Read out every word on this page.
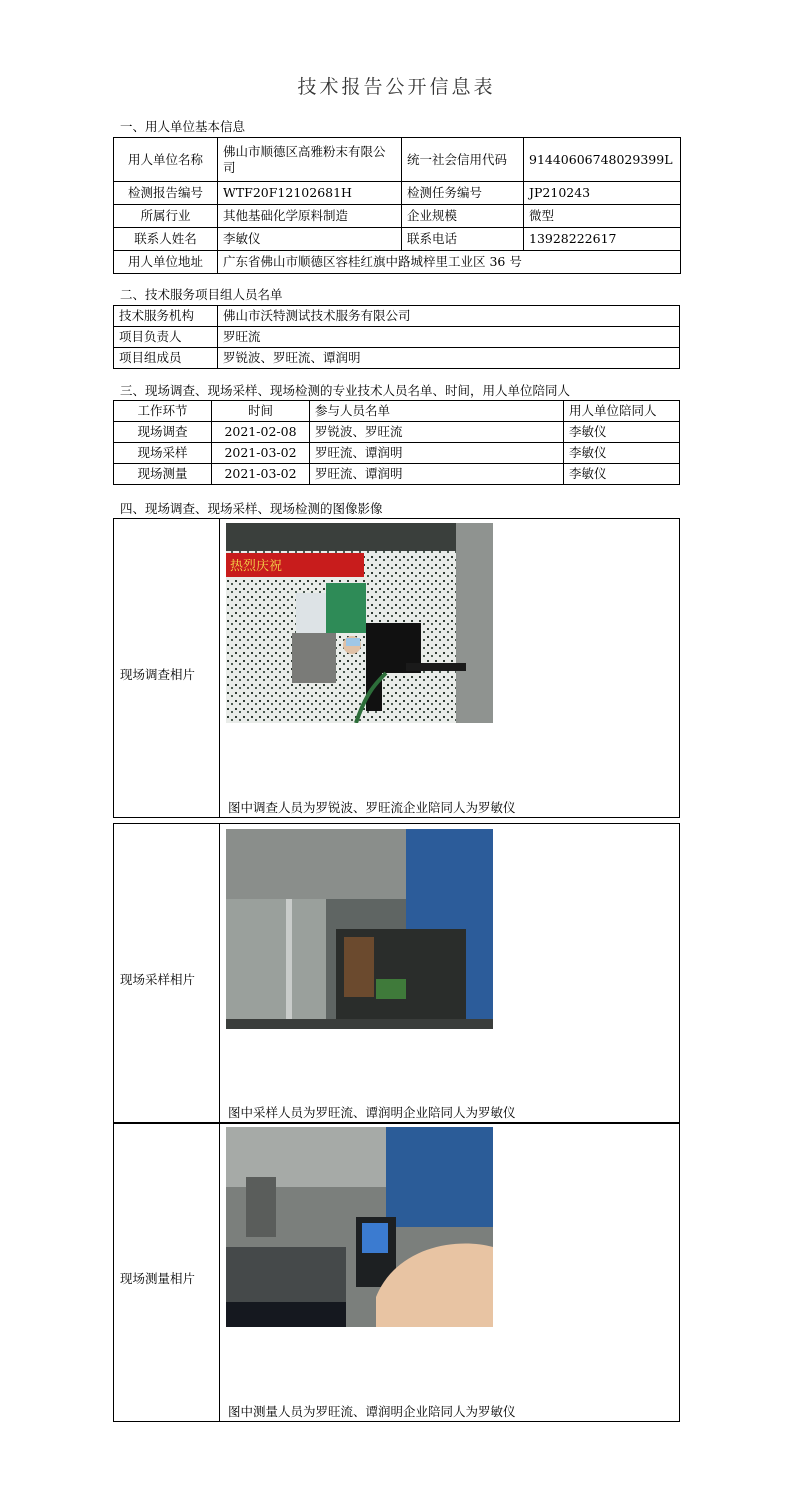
技术报告公开信息表
一、用人单位基本信息
用人单位名称	佛山市顺德区高雅粉末有限公司	统一社会信用代码	91440606748029399L
检测报告编号	WTF20F12102681H	检测任务编号	JP210243
所属行业	其他基础化学原料制造	企业规模	微型
联系人姓名	李敏仪	联系电话	13928222617
用人单位地址	广东省佛山市顺德区容桂红旗中路城梓里工业区 36 号		
二、技术服务项目组人员名单
技术服务机构	佛山市沃特测试技术服务有限公司
项目负责人	罗旺流
项目组成员	罗锐波、罗旺流、谭润明
三、现场调查、现场采样、现场检测的专业技术人员名单、时间，用人单位陪同人
工作环节	时间	参与人员名单	用人单位陪同人
现场调查	2021-02-08	罗锐波、罗旺流	李敏仪
现场采样	2021-03-02	罗旺流、谭润明	李敏仪
现场测量	2021-03-02	罗旺流、谭润明	李敏仪
四、现场调查、现场采样、现场检测的图像影像
现场调查相片
热烈庆祝
图中调查人员为罗锐波、罗旺流企业陪同人为罗敏仪
现场采样相片
图中采样人员为罗旺流、谭润明企业陪同人为罗敏仪
现场测量相片
图中测量人员为罗旺流、谭润明企业陪同人为罗敏仪
